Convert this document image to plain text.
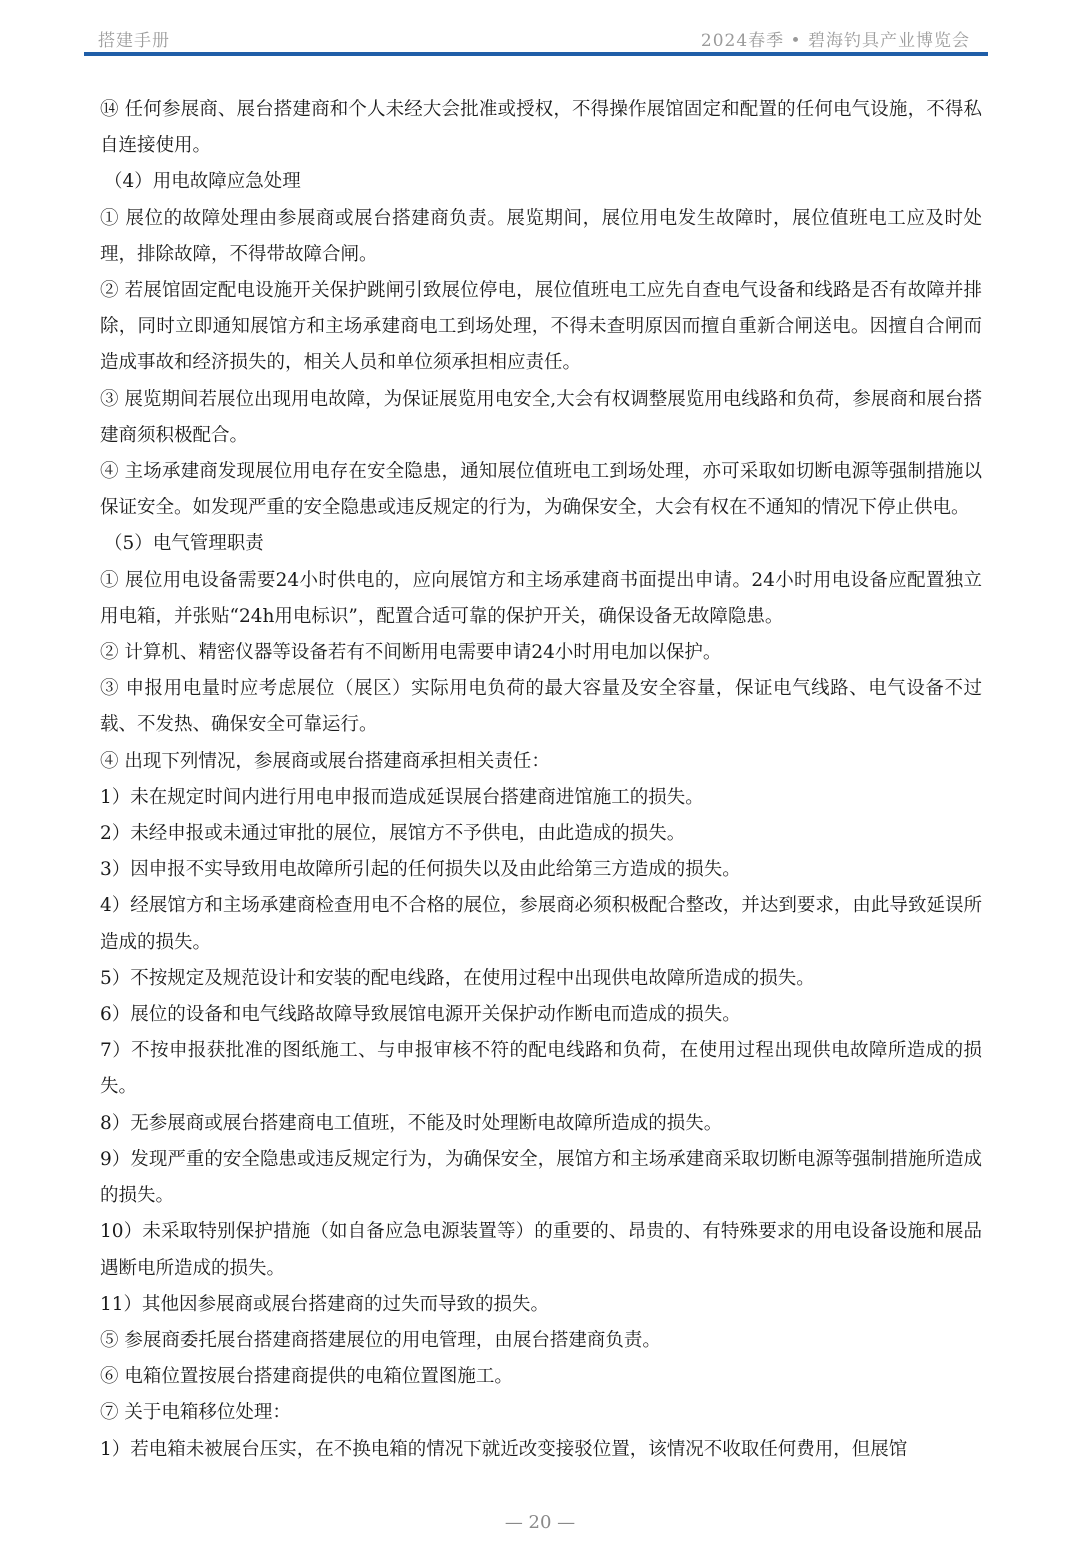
搭建手册	2024春季 • 碧海钓具产业博览会

⑭ 任何参展商、展台搭建商和个人未经大会批准或授权，不得操作展馆固定和配置的任何电气设施，不得私自连接使用。

（4）用电故障应急处理

① 展位的故障处理由参展商或展台搭建商负责。展览期间，展位用电发生故障时，展位值班电工应及时处理，排除故障，不得带故障合闸。

② 若展馆固定配电设施开关保护跳闸引致展位停电，展位值班电工应先自查电气设备和线路是否有故障并排除，同时立即通知展馆方和主场承建商电工到场处理，不得未查明原因而擅自重新合闸送电。因擅自合闸而造成事故和经济损失的，相关人员和单位须承担相应责任。

③ 展览期间若展位出现用电故障，为保证展览用电安全,大会有权调整展览用电线路和负荷，参展商和展台搭建商须积极配合。

④ 主场承建商发现展位用电存在安全隐患，通知展位值班电工到场处理，亦可采取如切断电源等强制措施以保证安全。如发现严重的安全隐患或违反规定的行为，为确保安全，大会有权在不通知的情况下停止供电。

（5）电气管理职责

① 展位用电设备需要24小时供电的，应向展馆方和主场承建商书面提出申请。24小时用电设备应配置独立用电箱，并张贴“24h用电标识”，配置合适可靠的保护开关，确保设备无故障隐患。

② 计算机、精密仪器等设备若有不间断用电需要申请24小时用电加以保护。

③ 申报用电量时应考虑展位（展区）实际用电负荷的最大容量及安全容量，保证电气线路、电气设备不过载、不发热、确保安全可靠运行。

④ 出现下列情况，参展商或展台搭建商承担相关责任：

1）未在规定时间内进行用电申报而造成延误展台搭建商进馆施工的损失。

2）未经申报或未通过审批的展位，展馆方不予供电，由此造成的损失。

3）因申报不实导致用电故障所引起的任何损失以及由此给第三方造成的损失。

4）经展馆方和主场承建商检查用电不合格的展位，参展商必须积极配合整改，并达到要求，由此导致延误所造成的损失。

5）不按规定及规范设计和安装的配电线路，在使用过程中出现供电故障所造成的损失。

6）展位的设备和电气线路故障导致展馆电源开关保护动作断电而造成的损失。

7）不按申报获批准的图纸施工、与申报审核不符的配电线路和负荷，在使用过程出现供电故障所造成的损失。

8）无参展商或展台搭建商电工值班，不能及时处理断电故障所造成的损失。

9）发现严重的安全隐患或违反规定行为，为确保安全，展馆方和主场承建商采取切断电源等强制措施所造成的损失。

10）未采取特别保护措施（如自备应急电源装置等）的重要的、昂贵的、有特殊要求的用电设备设施和展品遇断电所造成的损失。

11）其他因参展商或展台搭建商的过失而导致的损失。

⑤ 参展商委托展台搭建商搭建展位的用电管理，由展台搭建商负责。

⑥ 电箱位置按展台搭建商提供的电箱位置图施工。

⑦ 关于电箱移位处理：

1）若电箱未被展台压实，在不换电箱的情况下就近改变接驳位置，该情况不收取任何费用，但展馆

— 20 —
